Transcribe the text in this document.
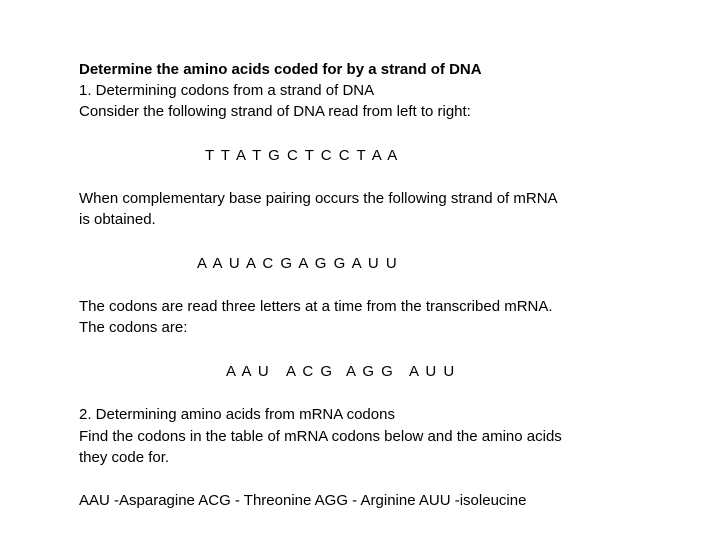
Determine the amino acids coded for by a strand of DNA
1. Determining codons from a strand of DNA
Consider the following strand of DNA read from left to right:
T T A T G C T C C T A A
When complementary base pairing occurs the following strand of mRNA
is obtained.
A A U A C G A G G A U U
The codons are read three letters at a time from the transcribed mRNA.
The codons are:
A A U A C G A G G A U U
2. Determining amino acids from mRNA codons
Find the codons in the table of mRNA codons below and the amino acids
they code for.
AAU -Asparagine ACG - Threonine AGG - Arginine AUU -isoleucine
